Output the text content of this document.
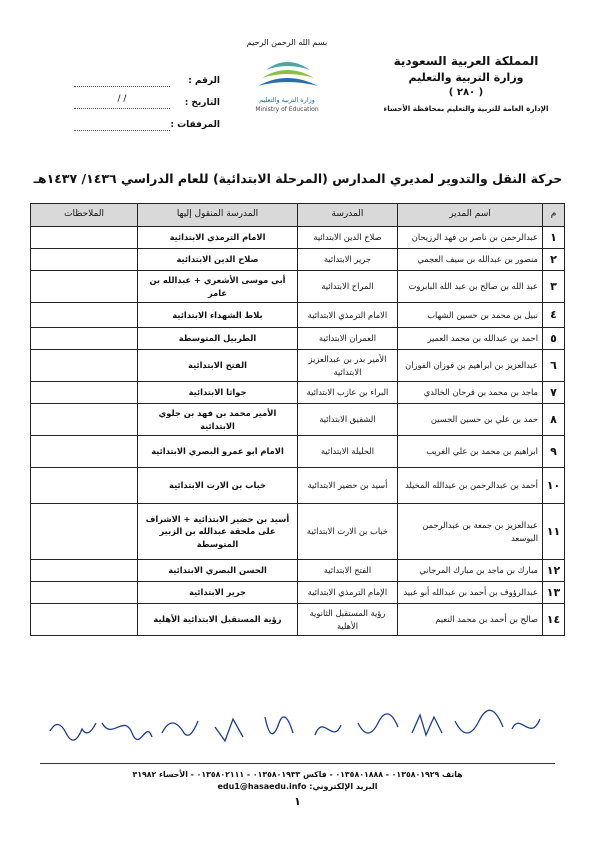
المملكة العربية السعودية
وزارة التربية والتعليم
( ٢٨٠ )
الإدارة العامة للتربية والتعليم بمحافظة الأحساء
بسم الله الرحمن الرحيم
وزارة التربية والتعليم
Ministry of Education
الرقم :
التاريخ :
/ /
المرفقات :
حركة النقل والتدوير لمديري المدارس (المرحلة الابتدائية) للعام الدراسي ١٤٣٦/ ١٤٣٧هـ
م	اسم المدير	المدرسة	المدرسة المنقول إليها	الملاحظات
١	عبدالرحمن بن ناصر بن فهد الرزيحان	صلاح الدين الابتدائية	الامام الترمذي الابتدائية	
٢	منصور بن عبدالله بن سيف العجمي	جرير الابتدائية	صلاح الدين الابتدائية	
٣	عبد الله بن صالح بن عبد الله البابروت	المراح الابتدائية	أبي موسى الأشعري + عبدالله بن عامر	
٤	نبيل بن محمد بن حسين الشهاب	الامام الترمذي الابتدائية	بلاط الشهداء الابتدائية	
٥	احمد بن عبدالله بن محمد العمير	العمران الابتدائية	الطربيل المتوسطة	
٦	عبدالعزيز بن ابراهيم بن فوزان الفوزان	الأمير بدر بن عبدالعزيز الابتدائية	الفتح الابتدائية	
٧	ماجد بن محمد بن فرحان الخالدي	البراء بن عازب الابتدائية	جواثا الابتدائية	
٨	حمد بن علي بن حسين الحسين	الشقيق الابتدائية	الأمير محمد بن فهد بن جلوي الابتدائية	
٩	ابراهيم بن محمد بن علي الغريب	الحليلة الابتدائية	الامام ابو عمرو البصري الابتدائية	
١٠	أحمد بن عبدالرحمن بن عبدالله المخيلد	أسيد بن حضير الابتدائية	خباب بن الارت الابتدائية	
١١	عبدالعزيز بن جمعة بن عبدالرحمن البوسعد	خباب بن الارت الابتدائية	أسيد بن حضير الابتدائية + الاشراف على ملحقة عبدالله بن الزبير المتوسطة	
١٢	مبارك بن ماجد بن مبارك المرجاني	الفتح الابتدائية	الحسن البصري الابتدائية	
١٣	عبدالرؤوف بن أحمد بن عبدالله أبو عبيد	الإمام الترمذي الابتدائية	جرير الابتدائية	
١٤	صالح بن أحمد بن محمد النعيم	رؤية المستقبل الثانوية الأهلية	رؤية المستقبل الابتدائية الأهلية	
هاتف ٠١٣٥٨٠١٩٢٩ - ٠١٣٥٨٠١٨٨٨ - فاكس ٠١٣٥٨٠١٩٣٣ - ٠١٣٥٨٠٢١١١ - الأحساء ٣١٩٨٢
البريد الإلكتروني: edu1@hasaedu.info
١
